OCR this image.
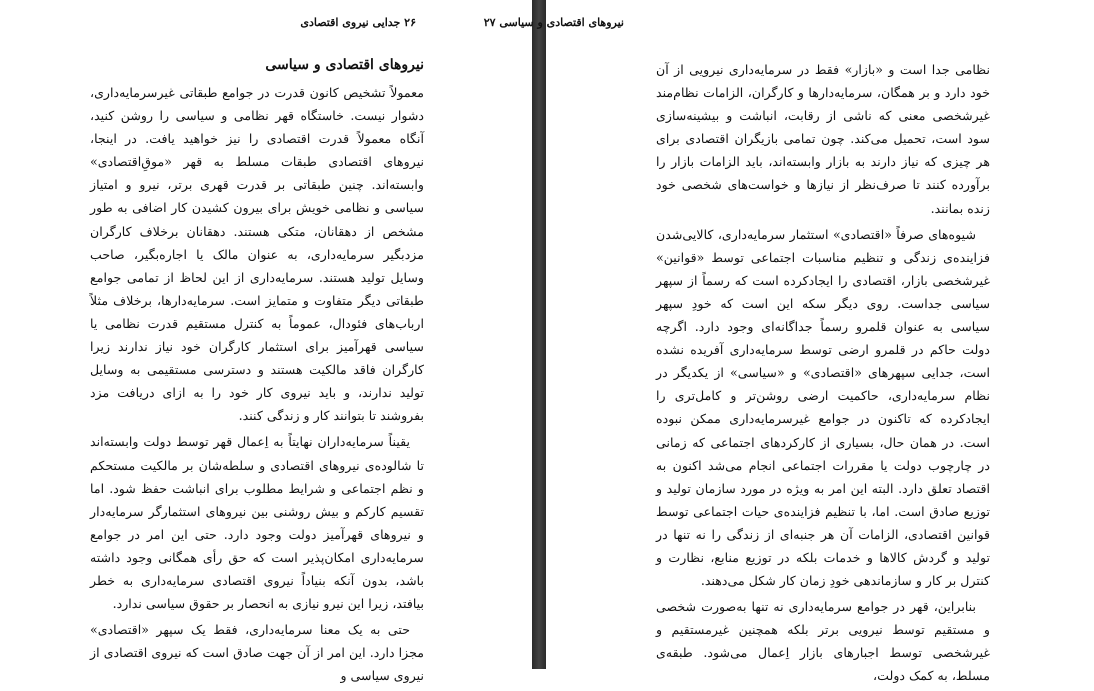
۲۶ جدایی نیروی اقتصادی
نیروهای اقتصادی و سیاسی

معمولاً تشخیص کانون قدرت در جوامع طبقاتی غیرسرمایه‌داری، دشوار نیست. خاستگاه قهر نظامی و سیاسی را روشن کنید، آنگاه معمولاً قدرت اقتصادی را نیز خواهید یافت. در اینجا، نیروهای اقتصادی طبقات مسلط به قهر «موقِ‌اقتصادی» وابسته‌اند. چنین طبقاتی بر قدرت قهری برتر، نیرو و امتیاز سیاسی و نظامی خویش برای بیرون کشیدن کار اضافی به طور مشخص از دهقانان، متکی هستند. دهقانان برخلاف کارگران مزدبگیر سرمایه‌داری، به عنوان مالک یا اجاره‌بگیر، صاحب وسایل تولید هستند. سرمایه‌داری از این لحاظ از تمامی جوامع طبقاتی دیگر متفاوت و متمایز است. سرمایه‌دارها، برخلاف مثلاً ارباب‌های فئودال، عموماً به کنترل مستقیم قدرت نظامی یا سیاسی قهرآمیز برای استثمار کارگران خود نیاز ندارند زیرا کارگران فاقد مالکیت هستند و دسترسی مستقیمی به وسایل تولید ندارند، و باید نیروی کار خود را به ازای دریافت مزد بفروشند تا بتوانند کار و زندگی کنند.

یقیناً سرمایه‌داران نهایتاً به اِعمال قهر توسط دولت وابسته‌اند تا شالوده‌ی نیروهای اقتصادی و سلطه‌شان بر مالکیت مستحکم و نظم اجتماعی و شرایط مطلوب برای انباشت حفظ شود. اما تقسیم کارکم و بیش روشنی بین نیروهای استثمارگر سرمایه‌دار و نیروهای قهرآمیز دولت وجود دارد. حتی این امر در جوامع سرمایه‌داری امکان‌پذیر است که حق رأی همگانی وجود داشته باشد، بدون آنکه بنیاداً نیروی اقتصادی سرمایه‌داری به خطر بیافتد، زیرا این نیرو نیازی به انحصار بر حقوق سیاسی ندارد.

حتی به یک معنا سرمایه‌داری، فقط یک سپهر «اقتصادی» مجزا دارد. این امر از آن جهت صادق است که نیروی اقتصادی از نیروی سیاسی و

نیروهای اقتصادی و سیاسی ۲۷

نظامی جدا است و «بازار» فقط در سرمایه‌داری نیرویی از آن خود دارد و بر همگان، سرمایه‌دارها و کارگران، الزامات نظام‌مند غیرشخصی معنی که ناشی از رقابت، انباشت و بیشینه‌سازی سود است، تحمیل می‌کند. چون تمامی بازیگران اقتصادی برای هر چیزی که نیاز دارند به بازار وابسته‌اند، باید الزامات بازار را برآورده کنند تا صرف‌نظر از نیازها و خواست‌های شخصی خود زنده بمانند.

شیوه‌های صرفاً «اقتصادی» استثمار سرمایه‌داری، کالایی‌شدن فزاینده‌ی زندگی و تنظیم مناسبات اجتماعی توسط «قوانین» غیرشخصی بازار، اقتصادی را ایجادکرده است که رسماً از سپهر سیاسی جداست. روی دیگر سکه این است که خودِ سپهر سیاسی به عنوان قلمرو رسماً جداگانه‌ای وجود دارد. اگرچه دولت حاکم در قلمرو ارضی توسط سرمایه‌داری آفریده نشده است، جدایی سپهرهای «اقتصادی» و «سیاسی» از یکدیگر در نظام سرمایه‌داری، حاکمیت ارضی روشن‌تر و کامل‌تری را ایجادکرده که تاکنون در جوامع غیرسرمایه‌داری ممکن نبوده است. در همان حال، بسیاری از کارکردهای اجتماعی که زمانی در چارچوب دولت یا مقررات اجتماعی انجام می‌شد اکنون به اقتصاد تعلق دارد. البته این امر به ویژه در مورد سازمان تولید و توزیع صادق است. اما، با تنظیم فزاینده‌ی حیات اجتماعی توسط قوانین اقتصادی، الزامات آن هر جنبه‌ای از زندگی را نه تنها در تولید و گردش کالاها و خدمات بلکه در توزیع منابع، نظارت و کنترل بر کار و سازماندهی خودِ زمان کار شکل می‌دهند.

بنابراین، قهر در جوامع سرمایه‌داری نه تنها به‌صورت شخصی و مستقیم توسط نیرویی برتر بلکه همچنین غیرمستقیم و غیرشخصی توسط اجبارهای بازار اِعمال می‌شود. طبقه‌ی مسلط، به کمک دولت،
